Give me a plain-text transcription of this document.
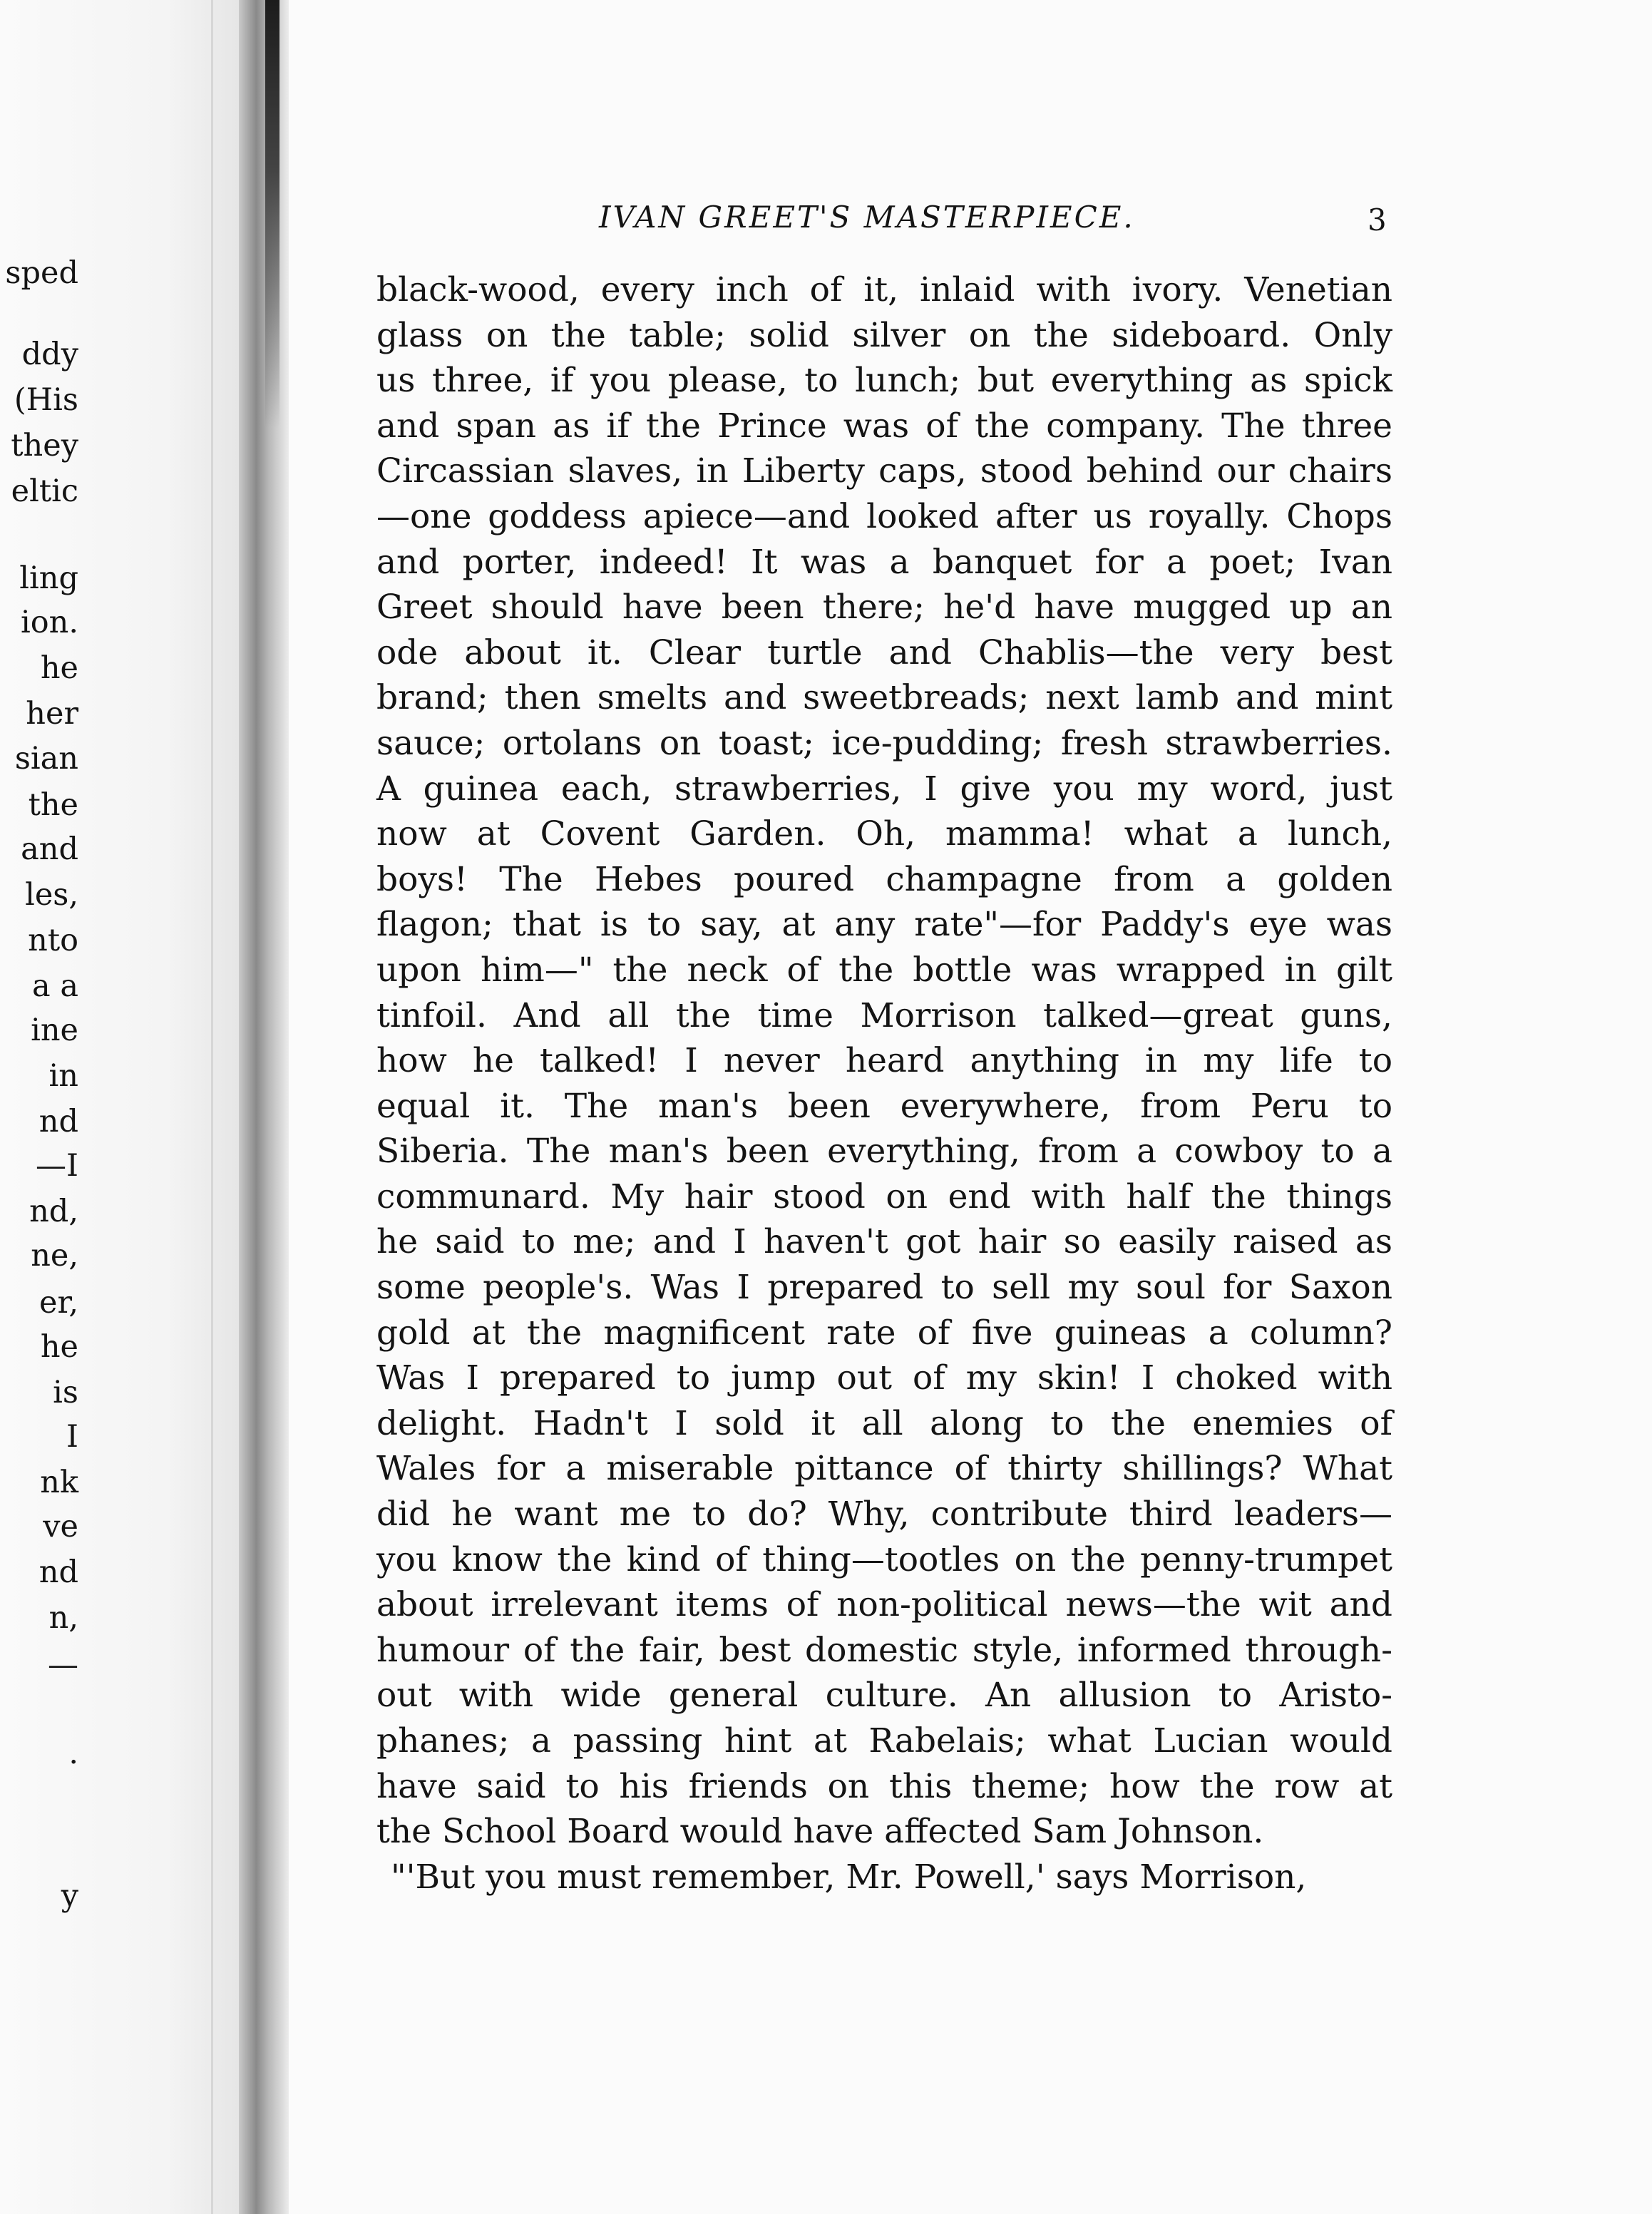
sped
ddy
(His
they
eltic
ling
ion.
he
her
sian
the
and
les,
nto
a a
ine
in
nd
—I
nd,
ne,
er,
he
is
I
nk
ve
nd
n,
—
.
y
IVAN GREET'S MASTERPIECE.	3
black-wood, every inch of it, inlaid with ivory. Venetian
glass on the table; solid silver on the sideboard. Only
us three, if you please, to lunch; but everything as spick
and span as if the Prince was of the company. The three
Circassian slaves, in Liberty caps, stood behind our chairs
—one goddess apiece—and looked after us royally. Chops
and porter, indeed! It was a banquet for a poet; Ivan
Greet should have been there; he'd have mugged up an
ode about it. Clear turtle and Chablis—the very best
brand; then smelts and sweetbreads; next lamb and mint
sauce; ortolans on toast; ice-pudding; fresh strawberries.
A guinea each, strawberries, I give you my word, just
now at Covent Garden. Oh, mamma! what a lunch,
boys! The Hebes poured champagne from a golden
flagon; that is to say, at any rate"—for Paddy's eye was
upon him—" the neck of the bottle was wrapped in gilt
tinfoil. And all the time Morrison talked—great guns,
how he talked! I never heard anything in my life to
equal it. The man's been everywhere, from Peru to
Siberia. The man's been everything, from a cowboy to a
communard. My hair stood on end with half the things
he said to me; and I haven't got hair so easily raised as
some people's. Was I prepared to sell my soul for Saxon
gold at the magnificent rate of five guineas a column?
Was I prepared to jump out of my skin! I choked with
delight. Hadn't I sold it all along to the enemies of
Wales for a miserable pittance of thirty shillings? What
did he want me to do? Why, contribute third leaders—
you know the kind of thing—tootles on the penny-trumpet
about irrelevant items of non-political news—the wit and
humour of the fair, best domestic style, informed through-
out with wide general culture. An allusion to Aristo-
phanes; a passing hint at Rabelais; what Lucian would
have said to his friends on this theme; how the row at
the School Board would have affected Sam Johnson.
"'But you must remember, Mr. Powell,' says Morrison,
